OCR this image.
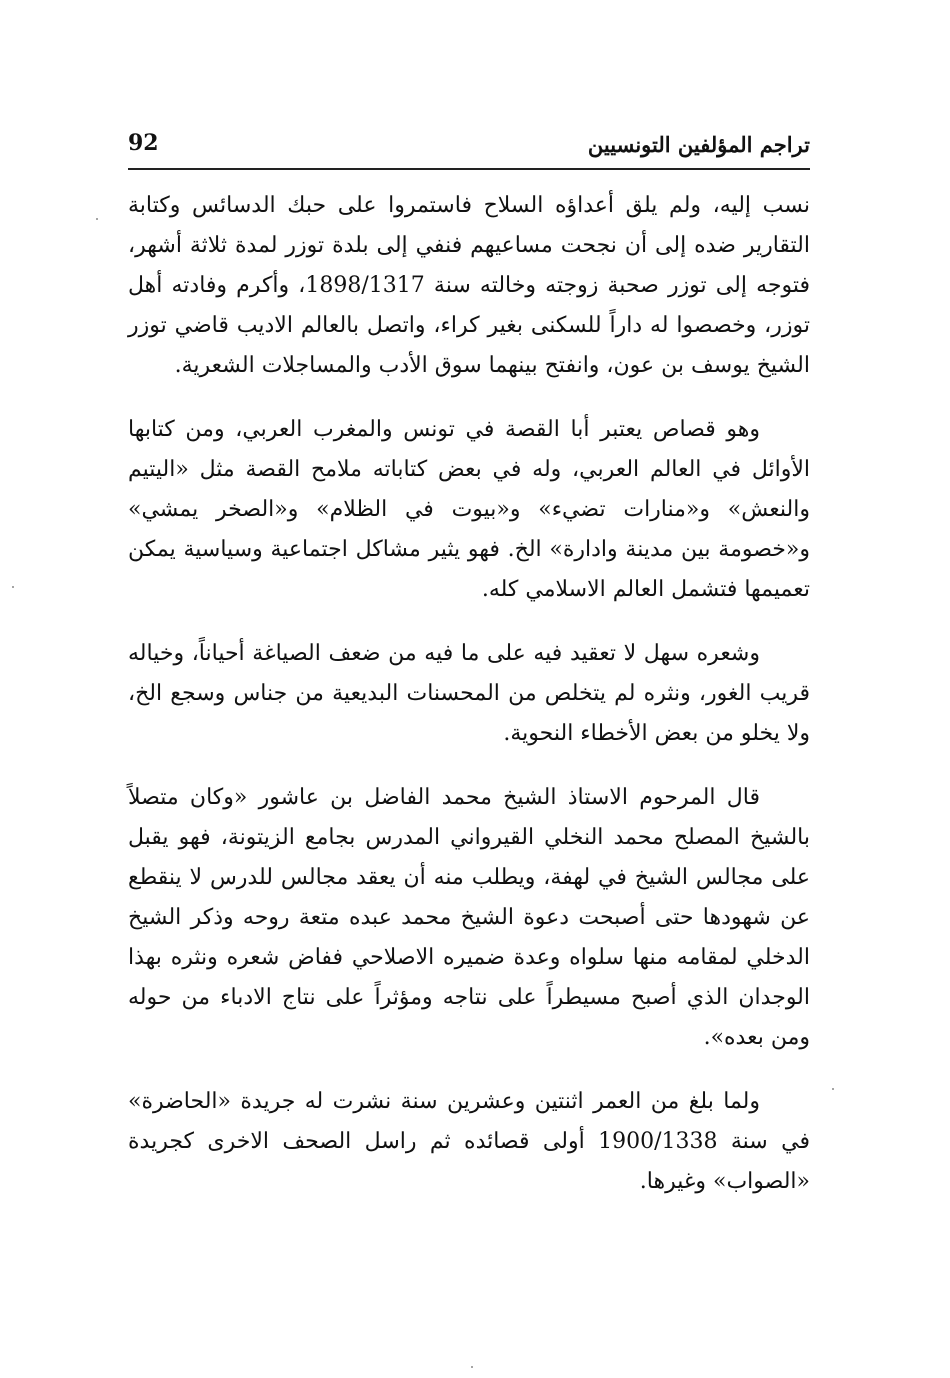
تراجم المؤلفين التونسيين
92

نسب إليه، ولم يلق أعداؤه السلاح فاستمروا على حبك الدسائس وكتابة التقارير ضده إلى أن نجحت مساعيهم فنفي إلى بلدة توزر لمدة ثلاثة أشهر، فتوجه إلى توزر صحبة زوجته وخالته سنة 1898/1317، وأكرم وفادته أهل توزر، وخصصوا له داراً للسكنى بغير كراء، واتصل بالعالم الاديب قاضي توزر الشيخ يوسف بن عون، وانفتح بينهما سوق الأدب والمساجلات الشعرية.

وهو قصاص يعتبر أبا القصة في تونس والمغرب العربي، ومن كتابها الأوائل في العالم العربي، وله في بعض كتاباته ملامح القصة مثل «اليتيم والنعش» و«منارات تضيء» و«بيوت في الظلام» و«الصخر يمشي» و«خصومة بين مدينة وادارة» الخ. فهو يثير مشاكل اجتماعية وسياسية يمكن تعميمها فتشمل العالم الاسلامي كله.

وشعره سهل لا تعقيد فيه على ما فيه من ضعف الصياغة أحياناً، وخياله قريب الغور، ونثره لم يتخلص من المحسنات البديعية من جناس وسجع الخ، ولا يخلو من بعض الأخطاء النحوية.

قال المرحوم الاستاذ الشيخ محمد الفاضل بن عاشور «وكان متصلاً بالشيخ المصلح محمد النخلي القيرواني المدرس بجامع الزيتونة، فهو يقبل على مجالس الشيخ في لهفة، ويطلب منه أن يعقد مجالس للدرس لا ينقطع عن شهودها حتى أصبحت دعوة الشيخ محمد عبده متعة روحه وذكر الشيخ الدخلي لمقامه منها سلواه وعدة ضميره الاصلاحي ففاض شعره ونثره بهذا الوجدان الذي أصبح مسيطراً على نتاجه ومؤثراً على نتاج الادباء من حوله ومن بعده».

ولما بلغ من العمر اثنتين وعشرين سنة نشرت له جريدة «الحاضرة» في سنة 1900/1338 أولى قصائده ثم راسل الصحف الاخرى كجريدة «الصواب» وغيرها.
